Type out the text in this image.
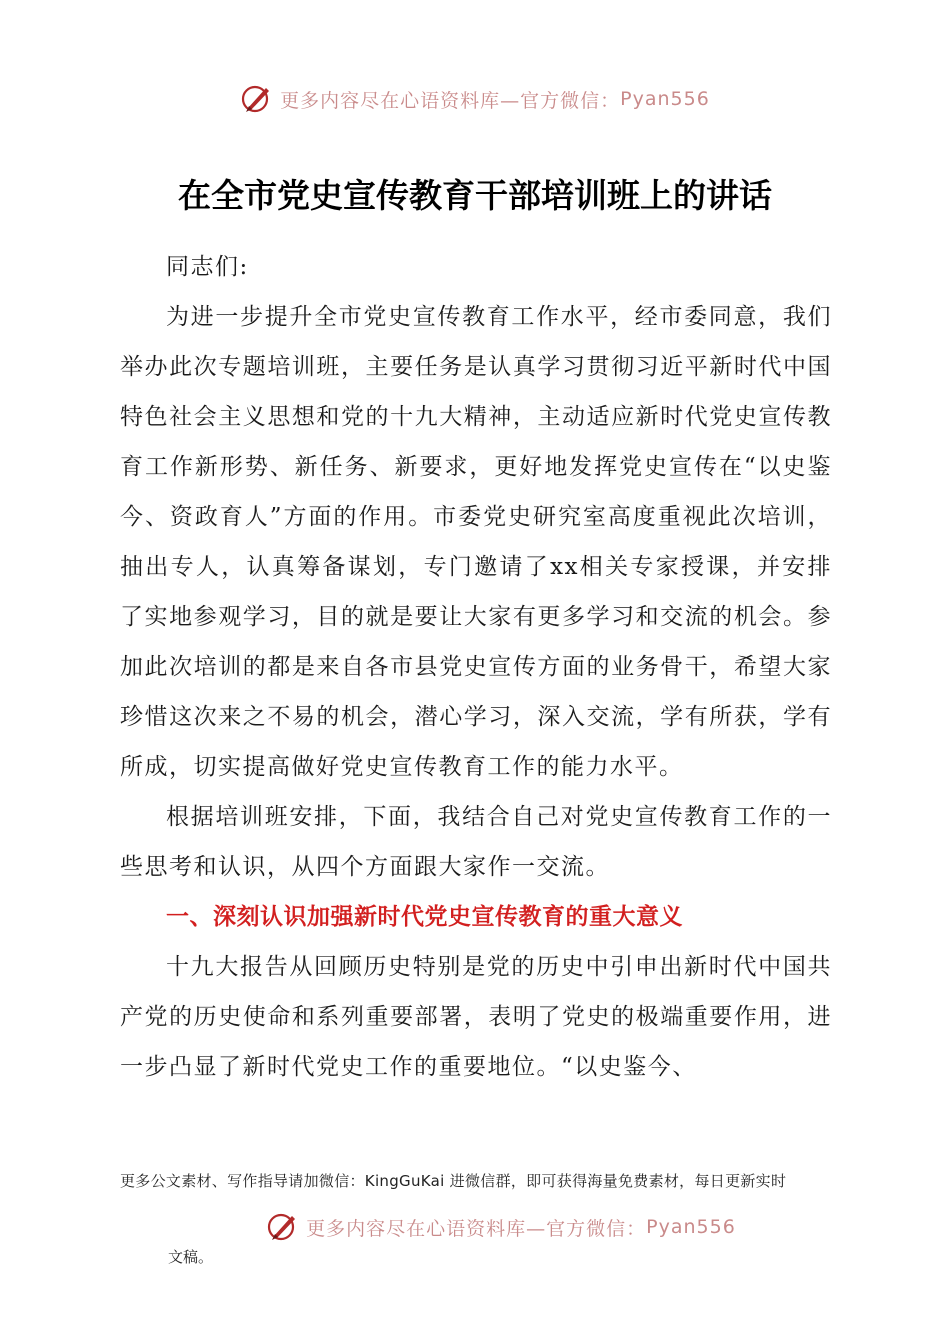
更多内容尽在心语资料库—官方微信： Pyan556
在全市党史宣传教育干部培训班上的讲话

同志们:

为进一步提升全市党史宣传教育工作水平，经市委同意，我们举办此次专题培训班，主要任务是认真学习贯彻习近平新时代中国特色社会主义思想和党的十九大精神，主动适应新时代党史宣传教育工作新形势、新任务、新要求，更好地发挥党史宣传在“以史鉴今、资政育人”方面的作用。市委党史研究室高度重视此次培训，抽出专人，认真筹备谋划，专门邀请了xx相关专家授课，并安排了实地参观学习，目的就是要让大家有更多学习和交流的机会。参加此次培训的都是来自各市县党史宣传方面的业务骨干，希望大家珍惜这次来之不易的机会，潜心学习，深入交流，学有所获，学有所成，切实提高做好党史宣传教育工作的能力水平。

根据培训班安排，下面，我结合自己对党史宣传教育工作的一些思考和认识，从四个方面跟大家作一交流。

一、深刻认识加强新时代党史宣传教育的重大意义

十九大报告从回顾历史特别是党的历史中引申出新时代中国共产党的历史使命和系列重要部署，表明了党史的极端重要作用，进一步凸显了新时代党史工作的重要地位。“以史鉴今、

更多公文素材、写作指导请加微信：KingGuKai 进微信群，即可获得海量免费素材，每日更新实时
更多内容尽在心语资料库—官方微信： Pyan556
文稿。
